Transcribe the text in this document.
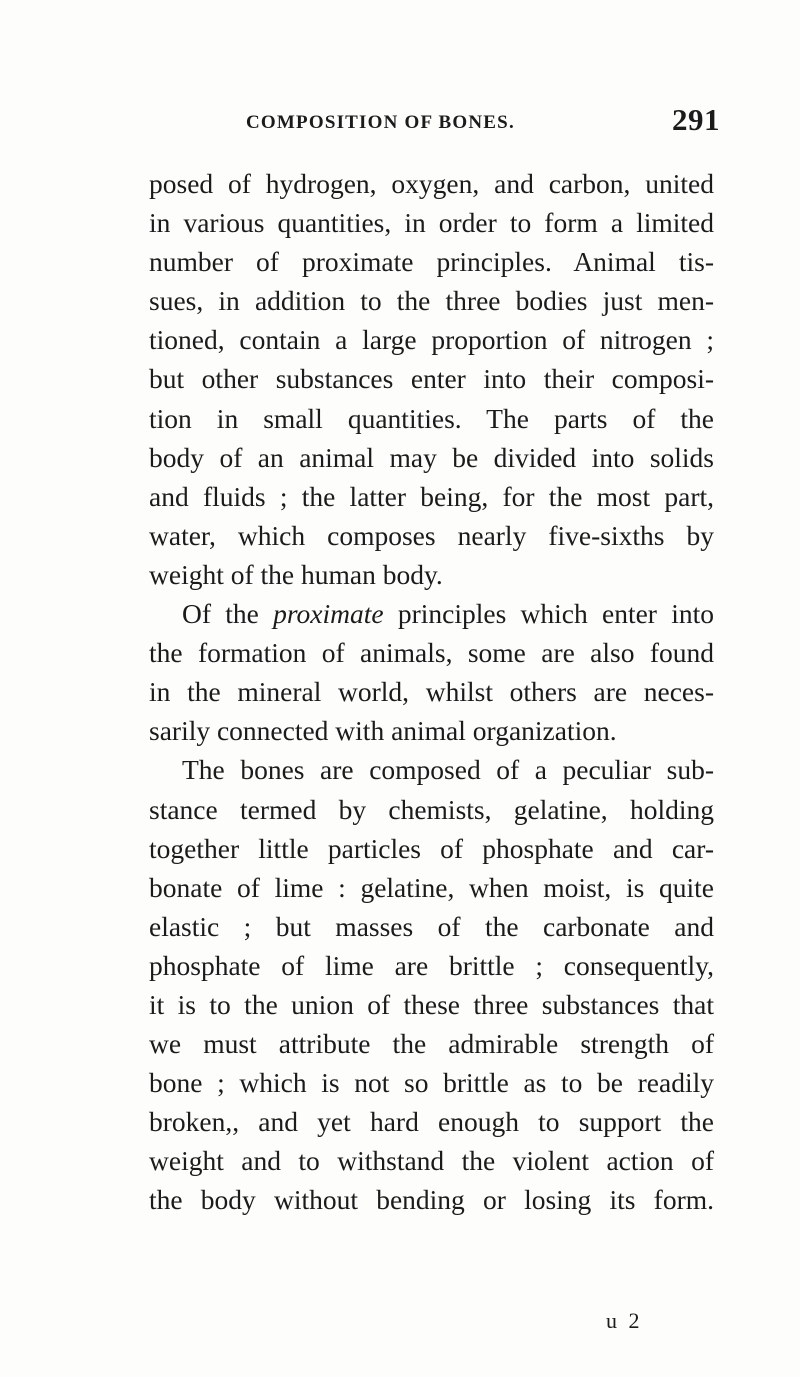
COMPOSITION OF BONES.	291
posed of hydrogen, oxygen, and carbon, united
in various quantities, in order to form a limited
number of proximate principles. Animal tis-
sues, in addition to the three bodies just men-
tioned, contain a large proportion of nitrogen ;
but other substances enter into their composi-
tion in small quantities. The parts of the
body of an animal may be divided into solids
and fluids ; the latter being, for the most part,
water, which composes nearly five-sixths by
weight of the human body.
Of the proximate principles which enter into
the formation of animals, some are also found
in the mineral world, whilst others are neces-
sarily connected with animal organization.
The bones are composed of a peculiar sub-
stance termed by chemists, gelatine, holding
together little particles of phosphate and car-
bonate of lime : gelatine, when moist, is quite
elastic ; but masses of the carbonate and
phosphate of lime are brittle ; consequently,
it is to the union of these three substances that
we must attribute the admirable strength of
bone ; which is not so brittle as to be readily
broken,, and yet hard enough to support the
weight and to withstand the violent action of
the body without bending or losing its form.
u 2
